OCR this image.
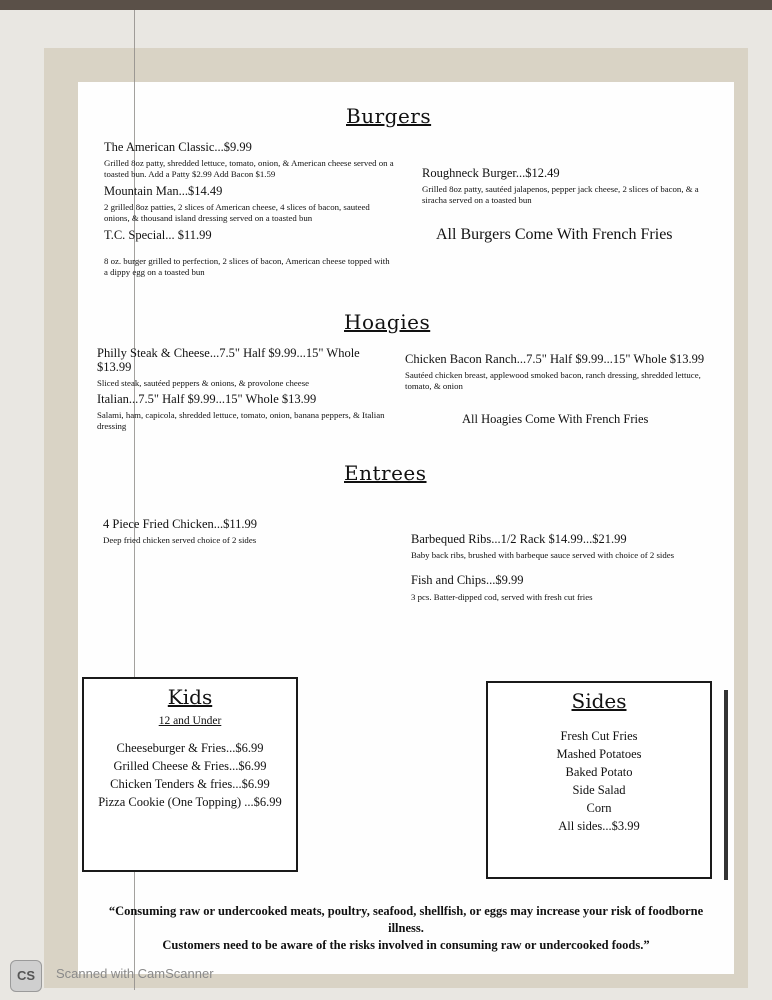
Burgers
The American Classic...$9.99
Grilled 8oz patty, shredded lettuce, tomato, onion, & American cheese served on a toasted bun. Add a Patty $2.99 Add Bacon $1.59
Mountain Man...$14.49
2 grilled 8oz patties, 2 slices of American cheese, 4 slices of bacon, sauteed onions, & thousand island dressing served on a toasted bun
T.C. Special... $11.99
8 oz. burger grilled to perfection, 2 slices of bacon, American cheese topped with a dippy egg on a toasted bun
Roughneck Burger...$12.49
Grilled 8oz patty, sautéed jalapenos, pepper jack cheese, 2 slices of bacon, & a siracha served on a toasted bun
All Burgers Come With French Fries
Hoagies
Philly Steak & Cheese...7.5" Half $9.99...15" Whole $13.99
Sliced steak, sautéed peppers & onions, & provolone cheese
Italian...7.5" Half $9.99...15" Whole $13.99
Salami, ham, capicola, shredded lettuce, tomato, onion, banana peppers, & Italian dressing
Chicken Bacon Ranch...7.5" Half $9.99...15" Whole $13.99
Sautéed chicken breast, applewood smoked bacon, ranch dressing, shredded lettuce, tomato, & onion
All Hoagies Come With French Fries
Entrees
4 Piece Fried Chicken...$11.99
Deep fried chicken served choice of 2 sides	Barbequed Ribs...1/2 Rack $14.99...$21.99
Baby back ribs, brushed with barbeque sauce served with choice of 2 sides
Fish and Chips...$9.99
3 pcs. Batter-dipped cod, served with fresh cut fries
Kids
12 and Under
Cheeseburger & Fries...$6.99
Grilled Cheese & Fries...$6.99
Chicken Tenders & fries...$6.99
Pizza Cookie (One Topping) ...$6.99
Sides
Fresh Cut Fries
Mashed Potatoes
Baked Potato
Side Salad
Corn
All sides...$3.99
“Consuming raw or undercooked meats, poultry, seafood, shellfish, or eggs may increase your risk of foodborne illness.
Customers need to be aware of the risks involved in consuming raw or undercooked foods.”
CS	Scanned with CamScanner
